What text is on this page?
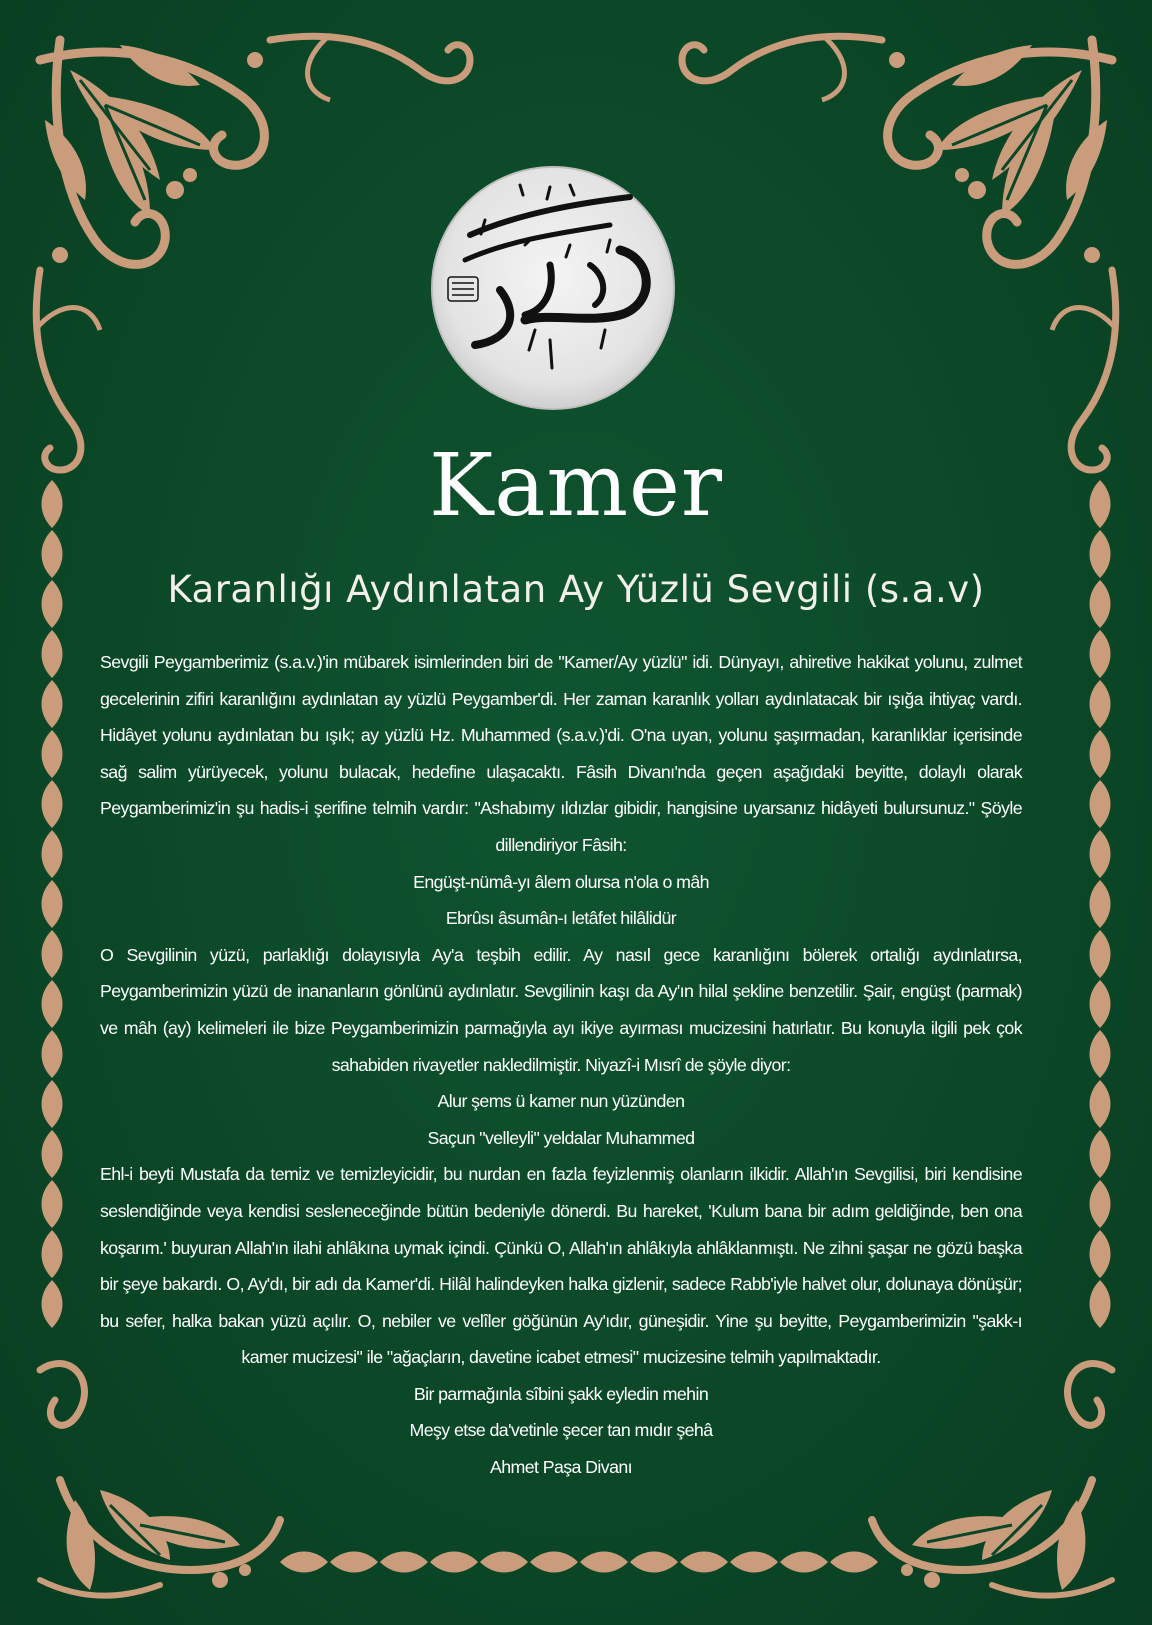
Kamer
Karanlığı Aydınlatan Ay Yüzlü Sevgili (s.a.v)

Sevgili Peygamberimiz (s.a.v.)'in mübarek isimlerinden biri de "Kamer/Ay yüzlü" idi. Dünyayı, ahiretive hakikat yolunu, zulmet gecelerinin zifiri karanlığını aydınlatan ay yüzlü Peygamber'di. Her zaman karanlık yolları aydınlatacak bir ışığa ihtiyaç vardı. Hidâyet yolunu aydınlatan bu ışık; ay yüzlü Hz. Muhammed (s.a.v.)'di. O'na uyan, yolunu şaşırmadan, karanlıklar içerisinde sağ salim yürüyecek, yolunu bulacak, hedefine ulaşacaktı. Fâsih Divanı'nda geçen aşağıdaki beyitte, dolaylı olarak Peygamberimiz'in şu hadis-i şerifine telmih vardır: "Ashabımy ıldızlar gibidir, hangisine uyarsanız hidâyeti bulursunuz." Şöyle dillendiriyor Fâsih:

Engüşt-nümâ-yı âlem olursa n'ola o mâh
Ebrûsı âsumân-ı letâfet hilâlidür

O Sevgilinin yüzü, parlaklığı dolayısıyla Ay'a teşbih edilir. Ay nasıl gece karanlığını bölerek ortalığı aydınlatırsa, Peygamberimizin yüzü de inananların gönlünü aydınlatır. Sevgilinin kaşı da Ay'ın hilal şekline benzetilir. Şair, engüşt (parmak) ve mâh (ay) kelimeleri ile bize Peygamberimizin parmağıyla ayı ikiye ayırması mucizesini hatırlatır. Bu konuyla ilgili pek çok sahabiden rivayetler nakledilmiştir. Niyazî-i Mısrî de şöyle diyor:

Alur şems ü kamer nun yüzünden
Saçun "velleyli" yeldalar Muhammed

Ehl-i beyti Mustafa da temiz ve temizleyicidir, bu nurdan en fazla feyizlenmiş olanların ilkidir. Allah'ın Sevgilisi, biri kendisine seslendiğinde veya kendisi sesleneceğinde bütün bedeniyle dönerdi. Bu hareket, 'Kulum bana bir adım geldiğinde, ben ona koşarım.' buyuran Allah'ın ilahi ahlâkına uymak içindi. Çünkü O, Allah'ın ahlâkıyla ahlâklanmıştı. Ne zihni şaşar ne gözü başka bir şeye bakardı. O, Ay'dı, bir adı da Kamer'di. Hilâl halindeyken halka gizlenir, sadece Rabb'iyle halvet olur, dolunaya dönüşür; bu sefer, halka bakan yüzü açılır. O, nebiler ve velîler göğünün Ay'ıdır, güneşidir. Yine şu beyitte, Peygamberimizin "şakk-ı kamer mucizesi" ile "ağaçların, davetine icabet etmesi" mucizesine telmih yapılmaktadır.

Bir parmağınla sîbini şakk eyledin mehin
Meşy etse da'vetinle şecer tan mıdır şehâ
Ahmet Paşa Divanı
